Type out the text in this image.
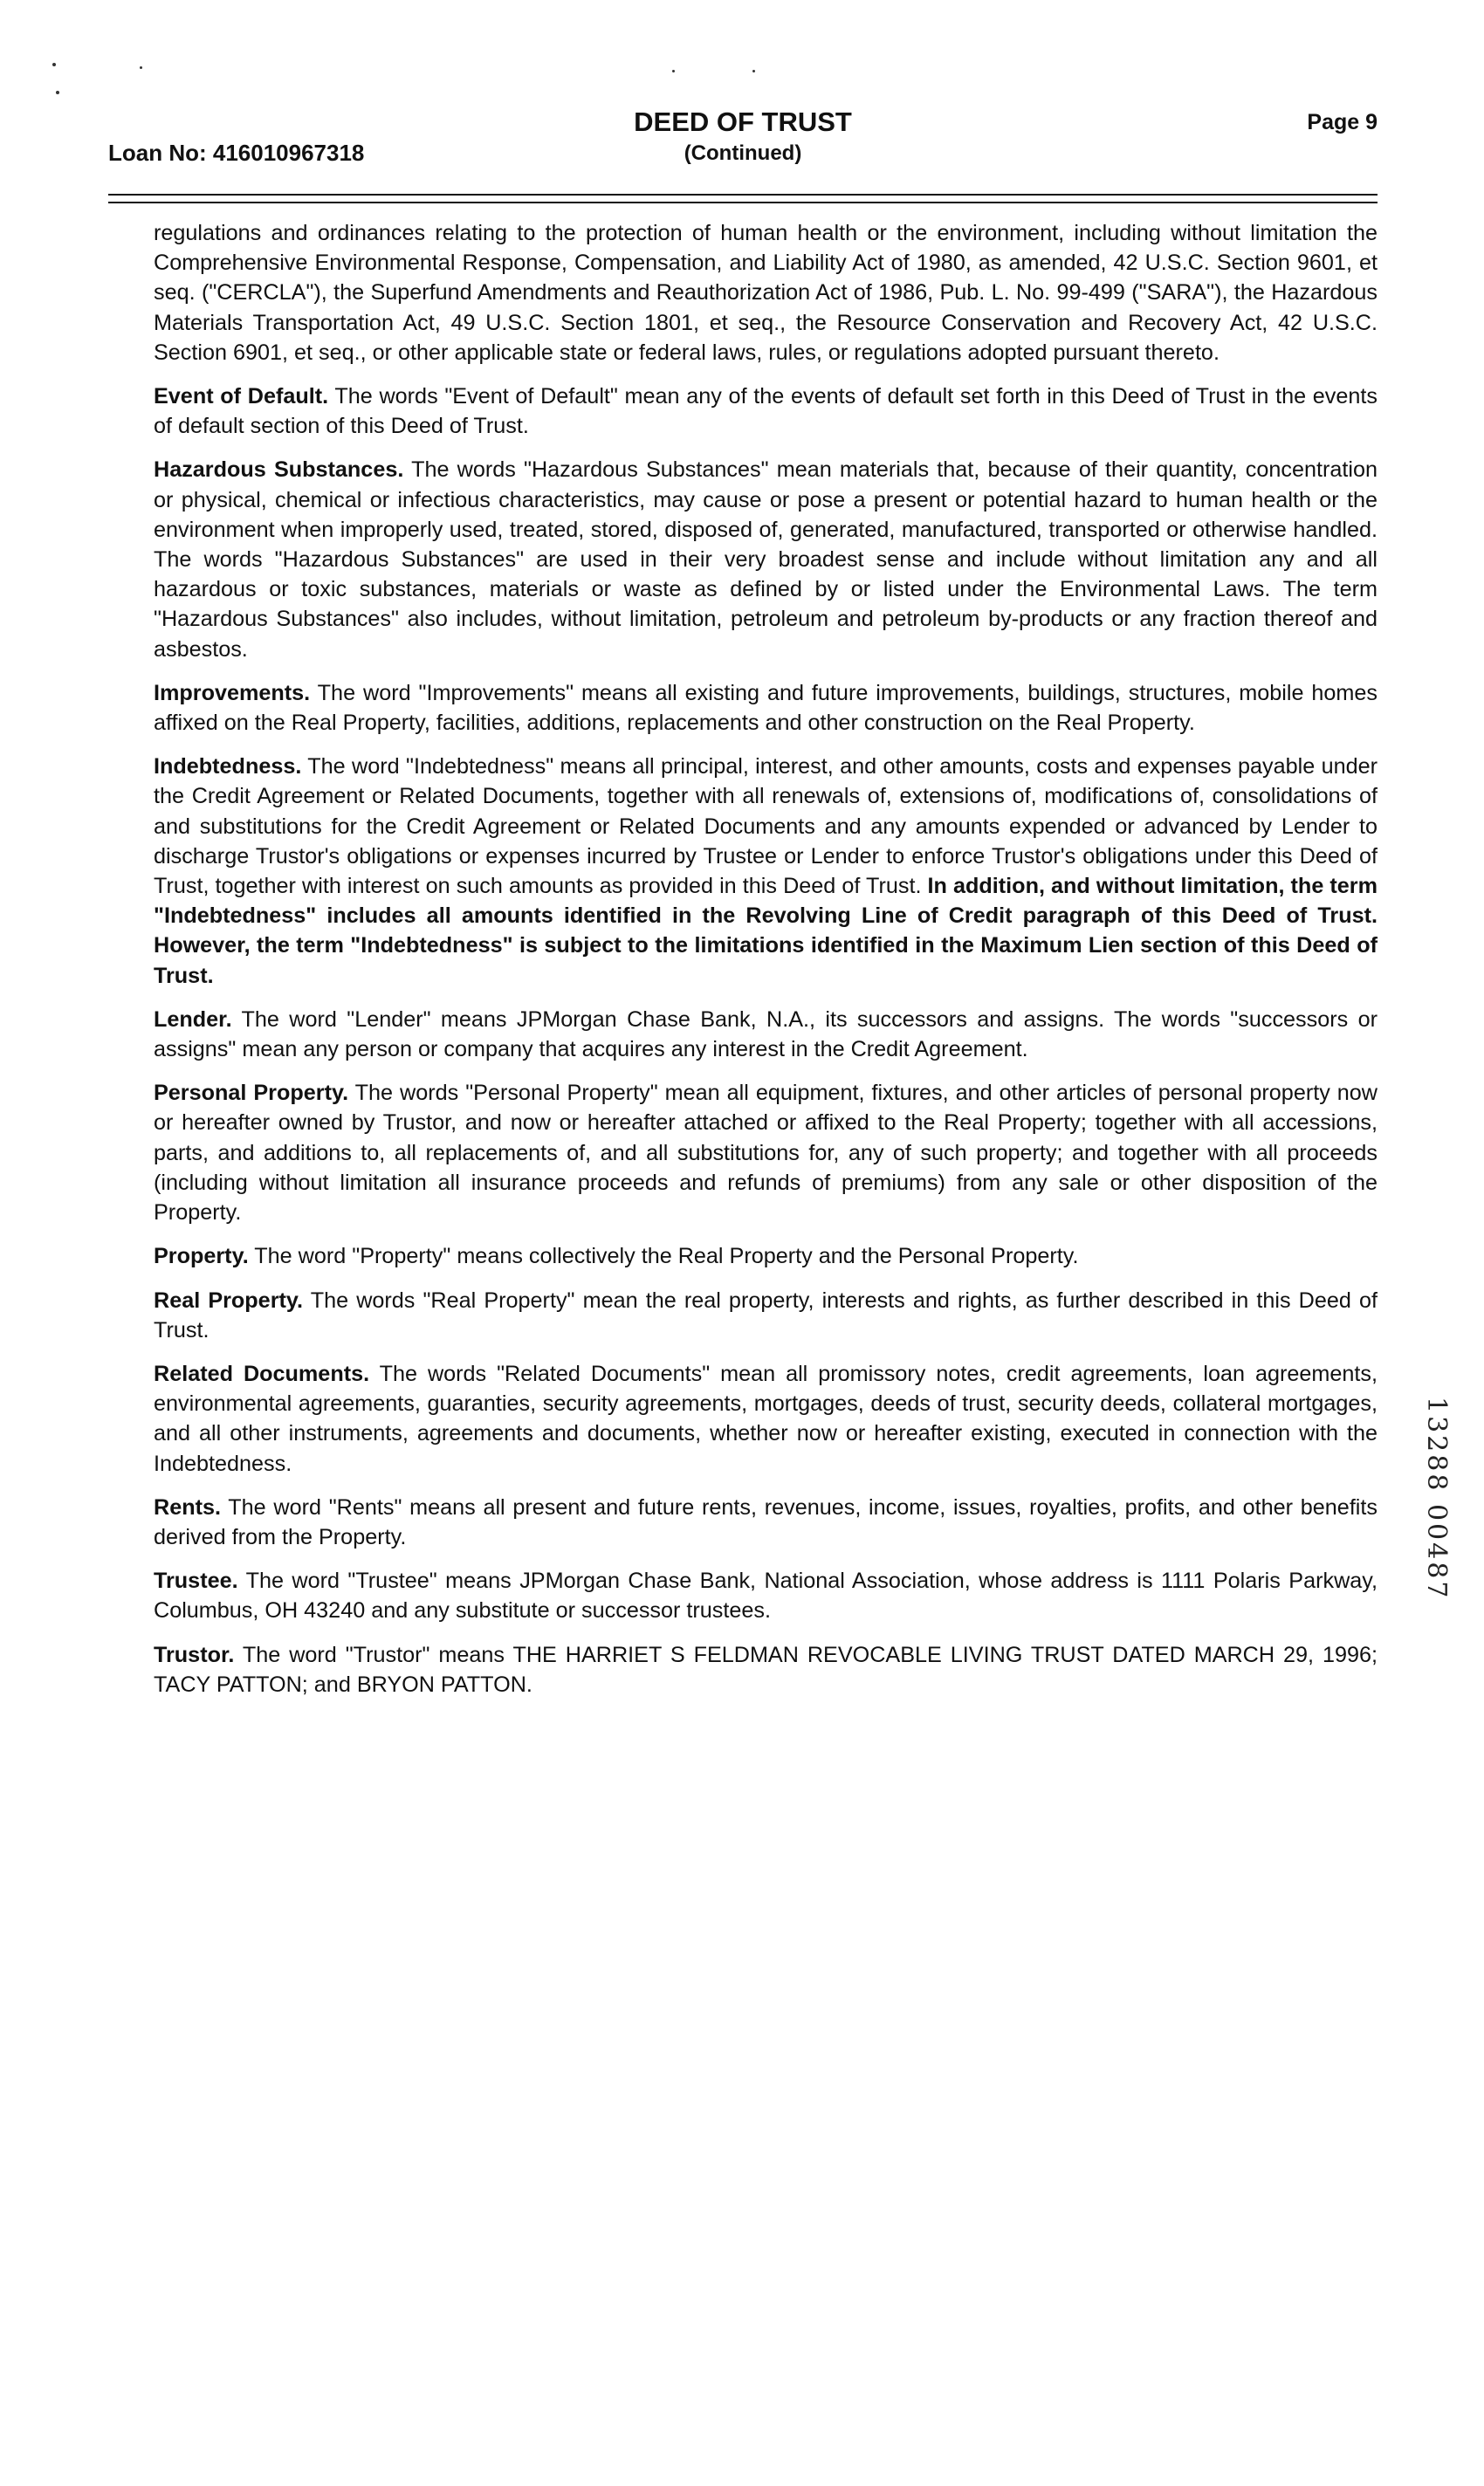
Loan No: 416010967318
DEED OF TRUST
(Continued)
Page 9

regulations and ordinances relating to the protection of human health or the environment, including without limitation the Comprehensive Environmental Response, Compensation, and Liability Act of 1980, as amended, 42 U.S.C. Section 9601, et seq. ("CERCLA"), the Superfund Amendments and Reauthorization Act of 1986, Pub. L. No. 99-499 ("SARA"), the Hazardous Materials Transportation Act, 49 U.S.C. Section 1801, et seq., the Resource Conservation and Recovery Act, 42 U.S.C. Section 6901, et seq., or other applicable state or federal laws, rules, or regulations adopted pursuant thereto.

Event of Default. The words "Event of Default" mean any of the events of default set forth in this Deed of Trust in the events of default section of this Deed of Trust.

Hazardous Substances. The words "Hazardous Substances" mean materials that, because of their quantity, concentration or physical, chemical or infectious characteristics, may cause or pose a present or potential hazard to human health or the environment when improperly used, treated, stored, disposed of, generated, manufactured, transported or otherwise handled. The words "Hazardous Substances" are used in their very broadest sense and include without limitation any and all hazardous or toxic substances, materials or waste as defined by or listed under the Environmental Laws. The term "Hazardous Substances" also includes, without limitation, petroleum and petroleum by-products or any fraction thereof and asbestos.

Improvements. The word "Improvements" means all existing and future improvements, buildings, structures, mobile homes affixed on the Real Property, facilities, additions, replacements and other construction on the Real Property.

Indebtedness. The word "Indebtedness" means all principal, interest, and other amounts, costs and expenses payable under the Credit Agreement or Related Documents, together with all renewals of, extensions of, modifications of, consolidations of and substitutions for the Credit Agreement or Related Documents and any amounts expended or advanced by Lender to discharge Trustor's obligations or expenses incurred by Trustee or Lender to enforce Trustor's obligations under this Deed of Trust, together with interest on such amounts as provided in this Deed of Trust. In addition, and without limitation, the term "Indebtedness" includes all amounts identified in the Revolving Line of Credit paragraph of this Deed of Trust. However, the term "Indebtedness" is subject to the limitations identified in the Maximum Lien section of this Deed of Trust.

Lender. The word "Lender" means JPMorgan Chase Bank, N.A., its successors and assigns. The words "successors or assigns" mean any person or company that acquires any interest in the Credit Agreement.

Personal Property. The words "Personal Property" mean all equipment, fixtures, and other articles of personal property now or hereafter owned by Trustor, and now or hereafter attached or affixed to the Real Property; together with all accessions, parts, and additions to, all replacements of, and all substitutions for, any of such property; and together with all proceeds (including without limitation all insurance proceeds and refunds of premiums) from any sale or other disposition of the Property.

Property. The word "Property" means collectively the Real Property and the Personal Property.

Real Property. The words "Real Property" mean the real property, interests and rights, as further described in this Deed of Trust.

Related Documents. The words "Related Documents" mean all promissory notes, credit agreements, loan agreements, environmental agreements, guaranties, security agreements, mortgages, deeds of trust, security deeds, collateral mortgages, and all other instruments, agreements and documents, whether now or hereafter existing, executed in connection with the Indebtedness.

Rents. The word "Rents" means all present and future rents, revenues, income, issues, royalties, profits, and other benefits derived from the Property.

Trustee. The word "Trustee" means JPMorgan Chase Bank, National Association, whose address is 1111 Polaris Parkway, Columbus, OH 43240 and any substitute or successor trustees.

Trustor. The word "Trustor" means THE HARRIET S FELDMAN REVOCABLE LIVING TRUST DATED MARCH 29, 1996; TACY PATTON; and BRYON PATTON.

13288 00487
